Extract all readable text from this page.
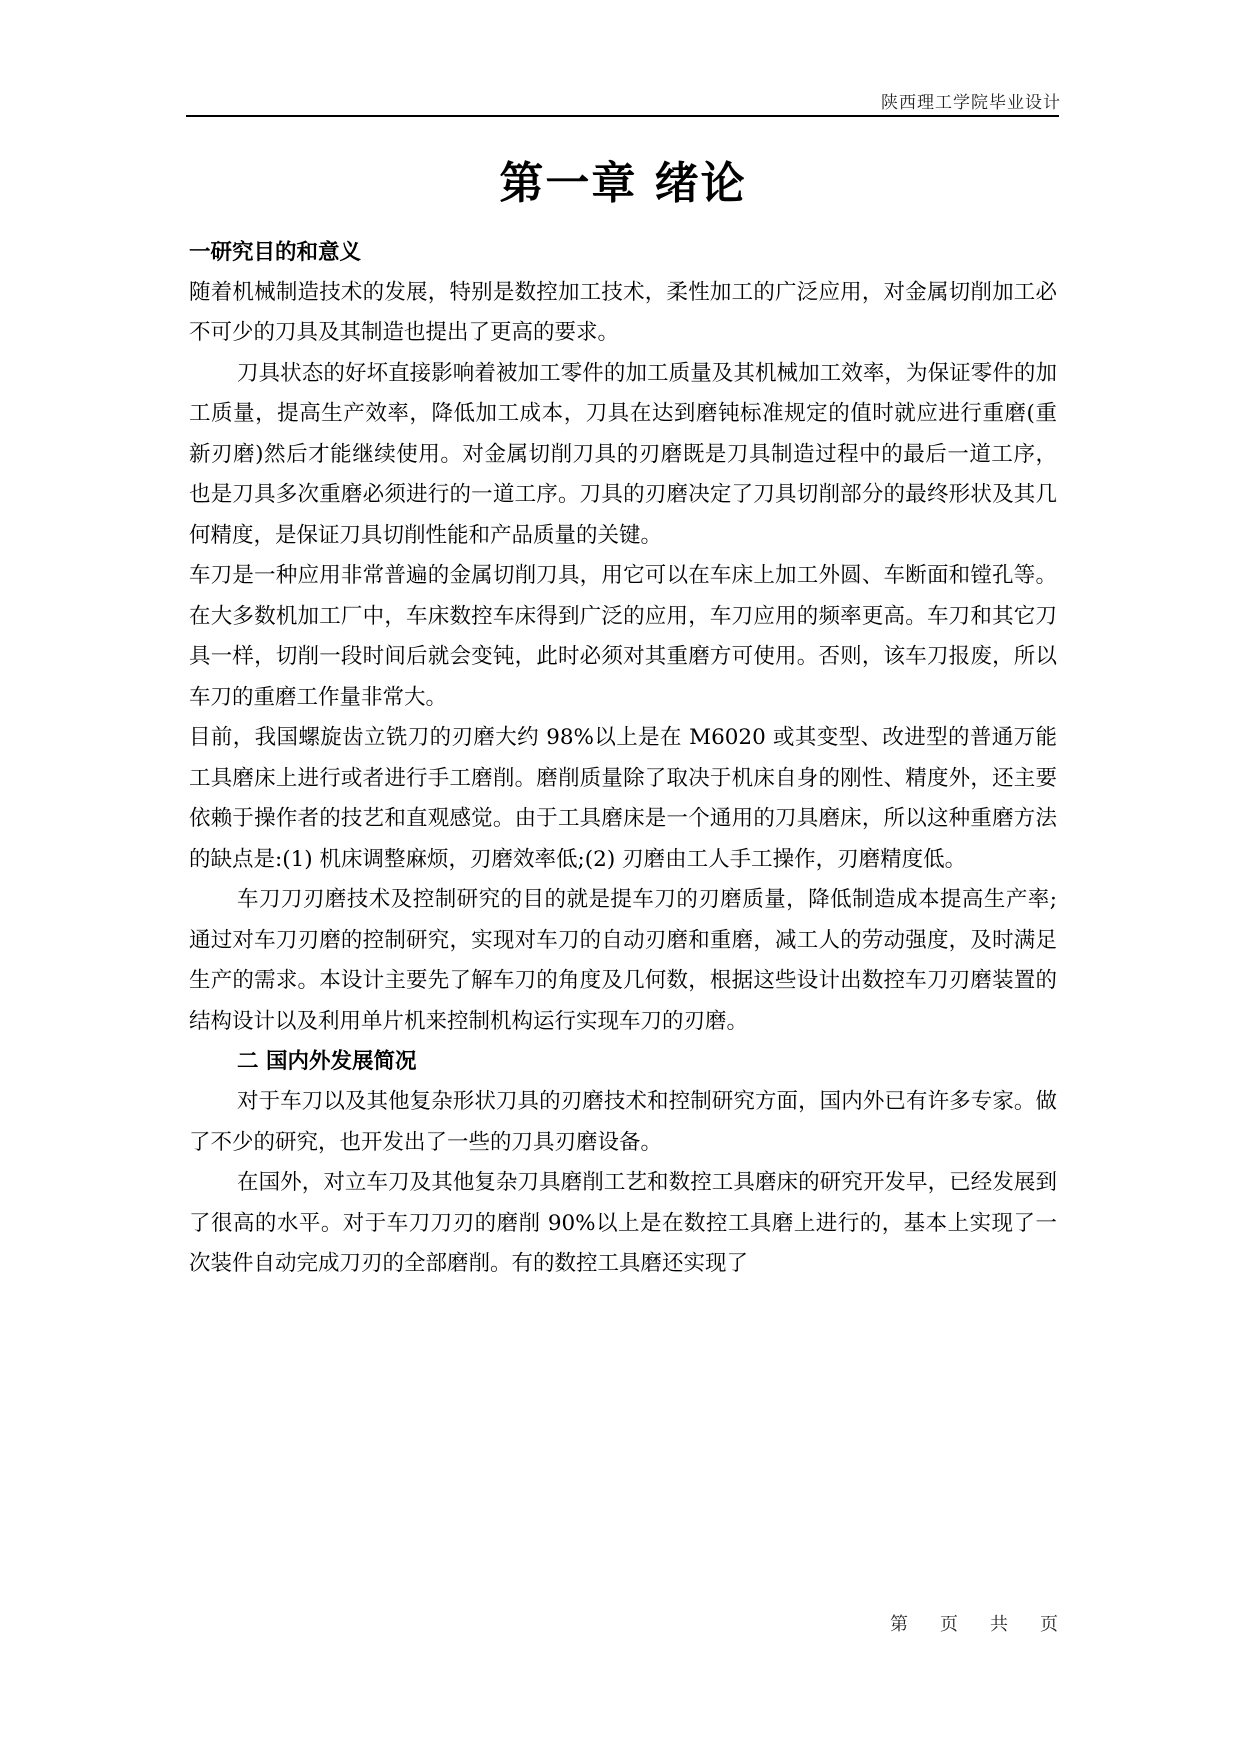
陕西理工学院毕业设计
第一章 绪论
一研究目的和意义

随着机械制造技术的发展，特别是数控加工技术，柔性加工的广泛应用，对金属切削加工必不可少的刀具及其制造也提出了更高的要求。

刀具状态的好坏直接影响着被加工零件的加工质量及其机械加工效率，为保证零件的加工质量，提高生产效率，降低加工成本，刀具在达到磨钝标准规定的值时就应进行重磨(重新刃磨)然后才能继续使用。对金属切削刀具的刃磨既是刀具制造过程中的最后一道工序，也是刀具多次重磨必须进行的一道工序。刀具的刃磨决定了刀具切削部分的最终形状及其几何精度，是保证刀具切削性能和产品质量的关键。

车刀是一种应用非常普遍的金属切削刀具，用它可以在车床上加工外圆、车断面和镗孔等。在大多数机加工厂中，车床数控车床得到广泛的应用，车刀应用的频率更高。车刀和其它刀具一样，切削一段时间后就会变钝，此时必须对其重磨方可使用。否则，该车刀报废，所以车刀的重磨工作量非常大。

目前，我国螺旋齿立铣刀的刃磨大约 98%以上是在 M6020 或其变型、改进型的普通万能工具磨床上进行或者进行手工磨削。磨削质量除了取决于机床自身的刚性、精度外，还主要依赖于操作者的技艺和直观感觉。由于工具磨床是一个通用的刀具磨床，所以这种重磨方法的缺点是:(1) 机床调整麻烦，刃磨效率低;(2) 刃磨由工人手工操作，刃磨精度低。

车刀刀刃磨技术及控制研究的目的就是提车刀的刃磨质量，降低制造成本提高生产率;通过对车刀刃磨的控制研究，实现对车刀的自动刃磨和重磨，减工人的劳动强度，及时满足生产的需求。本设计主要先了解车刀的角度及几何数，根据这些设计出数控车刀刃磨装置的结构设计以及利用单片机来控制机构运行实现车刀的刃磨。

二 国内外发展简况

对于车刀以及其他复杂形状刀具的刃磨技术和控制研究方面，国内外已有许多专家。做了不少的研究，也开发出了一些的刀具刃磨设备。

在国外，对立车刀及其他复杂刀具磨削工艺和数控工具磨床的研究开发早，已经发展到了很高的水平。对于车刀刀刃的磨削 90%以上是在数控工具磨上进行的，基本上实现了一次装件自动完成刀刃的全部磨削。有的数控工具磨还实现了

第 页 共 页
